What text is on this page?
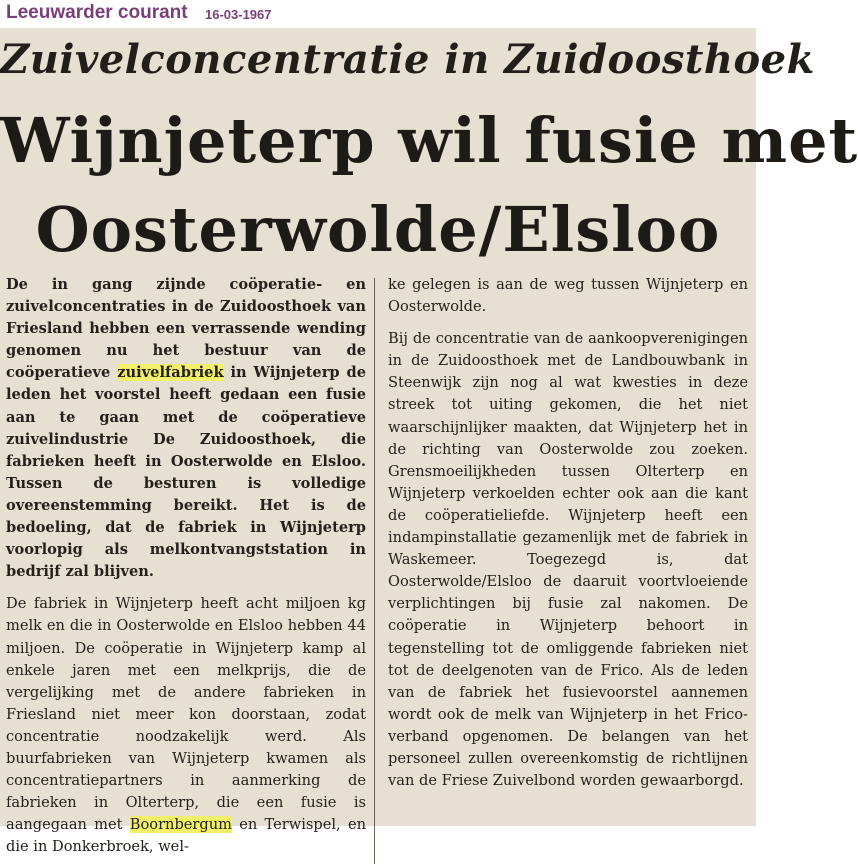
Leeuwarder courant 16-03-1967
Zuivelconcentratie in Zuidoosthoek
Wijnjeterp wil fusie met
Oosterwolde/Elsloo

De in gang zijnde coöperatie- en zuivelconcentraties in de Zuidoosthoek van Friesland hebben een verrassende wending genomen nu het bestuur van de coöperatieve zuivelfabriek in Wijnjeterp de leden het voorstel heeft gedaan een fusie aan te gaan met de coöperatieve zuivelindustrie De Zuidoosthoek, die fabrieken heeft in Oosterwolde en Elsloo. Tussen de besturen is volledige overeenstemming bereikt. Het is de bedoeling, dat de fabriek in Wijnjeterp voorlopig als melkontvangststation in bedrijf zal blijven.

De fabriek in Wijnjeterp heeft acht miljoen kg melk en die in Oosterwolde en Elsloo hebben 44 miljoen. De coöperatie in Wijnjeterp kamp al enkele jaren met een melkprijs, die de vergelijking met de andere fabrieken in Friesland niet meer kon doorstaan, zodat concentratie noodzakelijk werd. Als buurfabrieken van Wijnjeterp kwamen als concentratiepartners in aanmerking de fabrieken in Olterterp, die een fusie is aangegaan met Boornbergum en Terwispel, en die in Donkerbroek, wel-

ke gelegen is aan de weg tussen Wijnjeterp en Oosterwolde.

Bij de concentratie van de aankoopverenigingen in de Zuidoosthoek met de Landbouwbank in Steenwijk zijn nog al wat kwesties in deze streek tot uiting gekomen, die het niet waarschijnlijker maakten, dat Wijnjeterp het in de richting van Oosterwolde zou zoeken. Grensmoeilijkheden tussen Olterterp en Wijnjeterp verkoelden echter ook aan die kant de coöperatieliefde. Wijnjeterp heeft een indampinstallatie gezamenlijk met de fabriek in Waskemeer. Toegezegd is, dat Oosterwolde/Elsloo de daaruit voortvloeiende verplichtingen bij fusie zal nakomen. De coöperatie in Wijnjeterp behoort in tegenstelling tot de omliggende fabrieken niet tot de deelgenoten van de Frico. Als de leden van de fabriek het fusievoorstel aannemen wordt ook de melk van Wijnjeterp in het Frico-verband opgenomen. De belangen van het personeel zullen overeenkomstig de richtlijnen van de Friese Zuivelbond worden gewaarborgd.
